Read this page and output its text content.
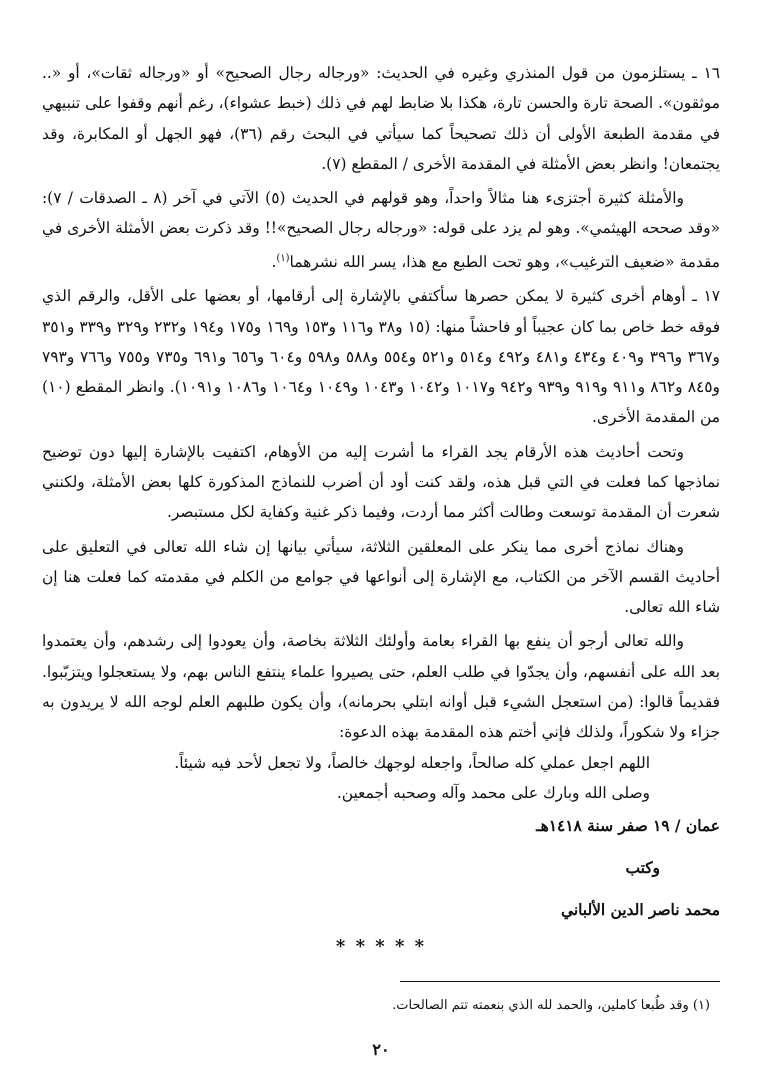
١٦ ـ يستلزمون من قول المنذري وغيره في الحديث: «ورجاله رجال الصحيح» أو «ورجاله ثقات»، أو «.. موثقون». الصحة تارة والحسن تارة، هكذا بلا ضابط لهم في ذلك (خبط عشواء)، رغم أنهم وقفوا على تنبيهي في مقدمة الطبعة الأولى أن ذلك تصحيحاً كما سيأتي في البحث رقم (٣٦)، فهو الجهل أو المكابرة، وقد يجتمعان! وانظر بعض الأمثلة في المقدمة الأخرى / المقطع (٧).

والأمثلة كثيرة أجتزىء هنا مثالاً واحداً، وهو قولهم في الحديث (٥) الآتي في آخر (٨ ـ الصدقات / ٧): «وقد صححه الهيثمي». وهو لم يزد على قوله: «ورجاله رجال الصحيح»!! وقد ذكرت بعض الأمثلة الأخرى في مقدمة «ضعيف الترغيب»، وهو تحت الطبع مع هذا، يسر الله نشرهما$^{(١)}$.

١٧ ـ أوهام أخرى كثيرة لا يمكن حصرها سأكتفي بالإشارة إلى أرقامها، أو بعضها على الأقل، والرقم الذي فوقه خط خاص بما كان عجيباً أو فاحشاً منها: (١٥ و٣٨ و١١٦ و١٥٣ و١٦٩ و١٧٥ و١٩٤ و٢٣٢ و٣٢٩ و٣٣٩ و٣٥١ و٣٦٧ و٣٩٦ و٤٠٩ و٤٣٤ و٤٨١ و٤٩٢ و٥١٤ و٥٢١ و٥٥٤ و٥٨٨ و٥٩٨ و٦٠٤ و٦٥٦ و٦٩١ و٧٣٥ و٧٥٥ و٧٦٦ و٧٩٣ و٨٤٥ و٨٦٢ و٩١١ و٩١٩ و٩٣٩ و٩٤٢ و١٠١٧ و١٠٤٢ و١٠٤٣ و١٠٤٩ و١٠٦٤ و١٠٨٦ و١٠٩١). وانظر المقطع (١٠) من المقدمة الأخرى.

وتحت أحاديث هذه الأرقام يجد القراء ما أشرت إليه من الأوهام، اكتفيت بالإشارة إليها دون توضيح نماذجها كما فعلت في التي قبل هذه، ولقد كنت أود أن أضرب للنماذج المذكورة كلها بعض الأمثلة، ولكنني شعرت أن المقدمة توسعت وطالت أكثر مما أردت، وفيما ذكر غنية وكفاية لكل مستبصر.

وهناك نماذج أخرى مما ينكر على المعلقين الثلاثة، سيأتي بيانها إن شاء الله تعالى في التعليق على أحاديث القسم الآخر من الكتاب، مع الإشارة إلى أنواعها في جوامع من الكلم في مقدمته كما فعلت هنا إن شاء الله تعالى.

والله تعالى أرجو أن ينفع بها القراء بعامة وأولئك الثلاثة بخاصة، وأن يعودوا إلى رشدهم، وأن يعتمدوا بعد الله على أنفسهم، وأن يجدّوا في طلب العلم، حتى يصيروا علماء ينتفع الناس بهم، ولا يستعجلوا ويتزبّبوا. فقديماً قالوا: (من استعجل الشيء قبل أوانه ابتلي بحرمانه)، وأن يكون طلبهم العلم لوجه الله لا يريدون به جزاء ولا شكوراً، ولذلك فإني أختم هذه المقدمة بهذه الدعوة:

اللهم اجعل عملي كله صالحاً، واجعله لوجهك خالصاً، ولا تجعل لأحد فيه شيئاً.

وصلى الله وبارك على محمد وآله وصحبه أجمعين.

عمان / ١٩ صفر سنة ١٤١٨هـ

وكتب
محمد ناصر الدين الألباني
* * * * *
(١) وقد طُبعا كاملين، والحمد لله الذي بنعمته تتم الصالحات.
٢٠
